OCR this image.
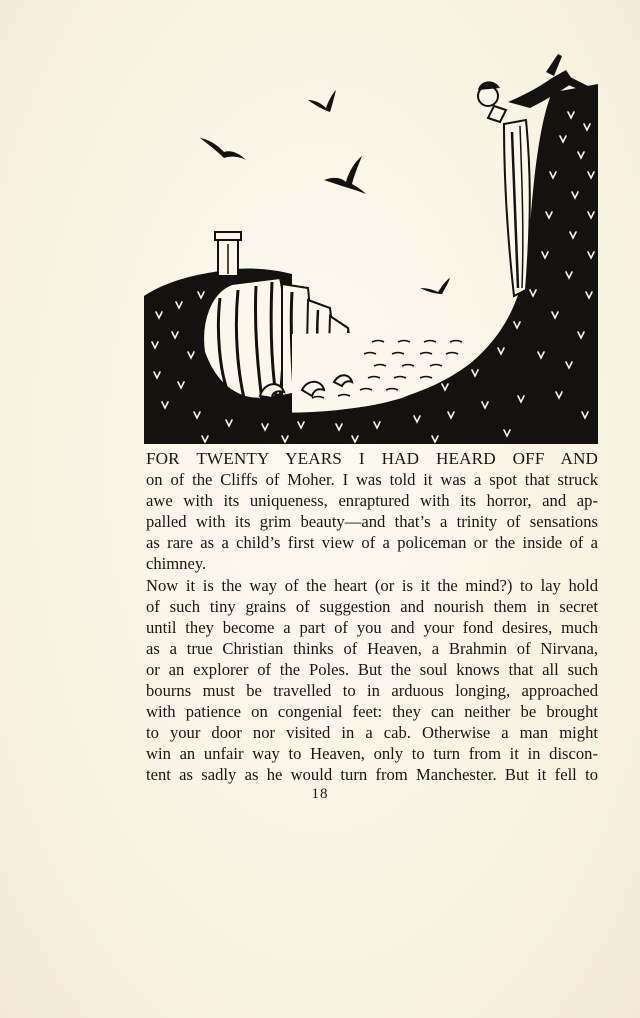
FOR TWENTY YEARS I HAD HEARD OFF AND
on of the Cliffs of Moher. I was told it was a spot that struck
awe with its uniqueness, enraptured with its horror, and ap-
palled with its grim beauty—and that’s a trinity of sensations
as rare as a child’s first view of a policeman or the inside of a
chimney.
Now it is the way of the heart (or is it the mind?) to lay hold
of such tiny grains of suggestion and nourish them in secret
until they become a part of you and your fond desires, much
as a true Christian thinks of Heaven, a Brahmin of Nirvana,
or an explorer of the Poles. But the soul knows that all such
bourns must be travelled to in arduous longing, approached
with patience on congenial feet: they can neither be brought
to your door nor visited in a cab. Otherwise a man might
win an unfair way to Heaven, only to turn from it in discon-
tent as sadly as he would turn from Manchester. But it fell to
18
